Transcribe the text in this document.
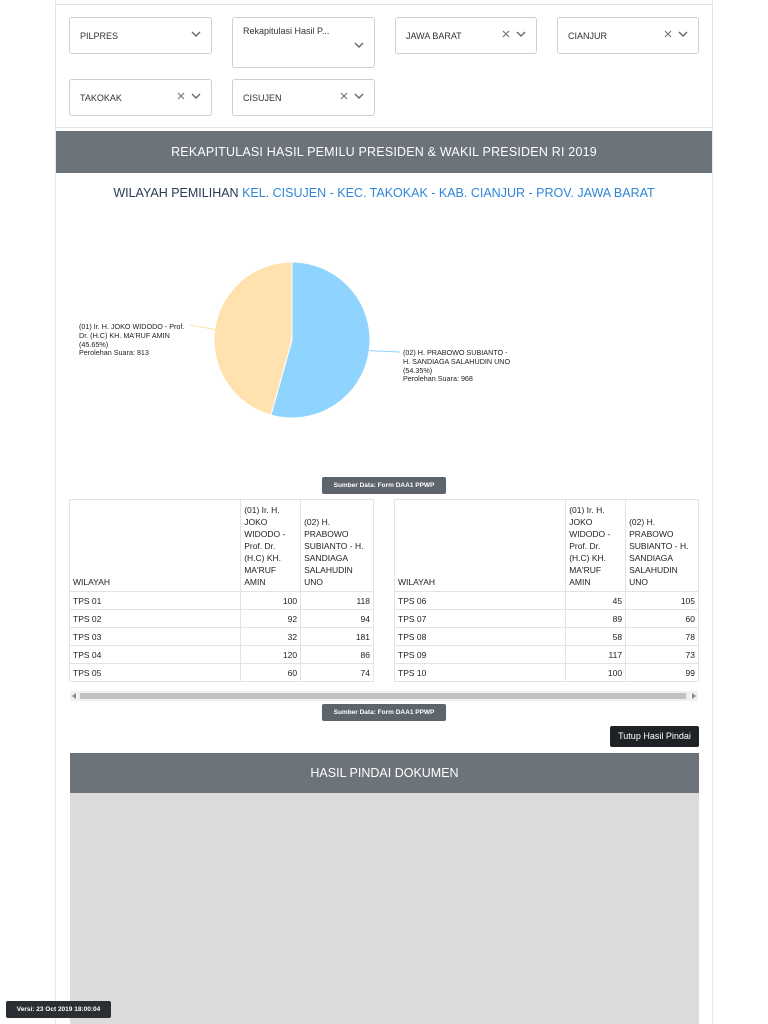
PILPRES	Rekapitulasi Hasil P...	JAWA BARAT	CIANJUR
TAKOKAK	CISUJEN
REKAPITULASI HASIL PEMILU PRESIDEN & WAKIL PRESIDEN RI 2019
WILAYAH PEMILIHAN KEL. CISUJEN - KEC. TAKOKAK - KAB. CIANJUR - PROV. JAWA BARAT
(01) Ir. H. JOKO WIDODO - Prof. Dr. (H.C) KH. MA'RUF AMIN (45.65%)
Perolehan Suara: 813	(02) H. PRABOWO SUBIANTO - H. SANDIAGA SALAHUDIN UNO (54.35%)
Perolehan Suara: 968
Sumber Data: Form DAA1 PPWP
WILAYAH	(01) Ir. H. JOKO WIDODO - Prof. Dr. (H.C) KH. MA'RUF AMIN	(02) H. PRABOWO SUBIANTO - H. SANDIAGA SALAHUDIN UNO
TPS 01	100	118
TPS 02	92	94
TPS 03	32	181
TPS 04	120	86
TPS 05	60	74
WILAYAH	(01) Ir. H. JOKO WIDODO - Prof. Dr. (H.C) KH. MA'RUF AMIN	(02) H. PRABOWO SUBIANTO - H. SANDIAGA SALAHUDIN UNO
TPS 06	45	105
TPS 07	89	60
TPS 08	58	78
TPS 09	117	73
TPS 10	100	99
Sumber Data: Form DAA1 PPWP
Tutup Hasil Pindai
HASIL PINDAI DOKUMEN
Versi: 23 Oct 2019 18:00:04
